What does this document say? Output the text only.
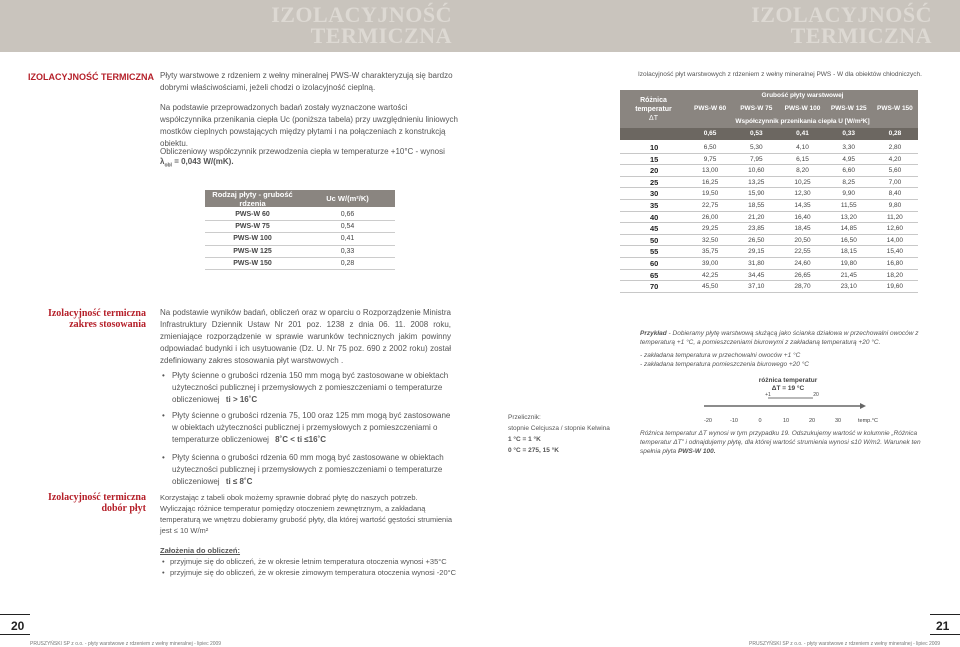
IZOLACYJNOŚĆ
TERMICZNA
IZOLACYJNOŚĆ
TERMICZNA
IZOLACYJNOŚĆ TERMICZNA Płyty warstwowe z rdzeniem z wełny mineralnej PWS-W charakteryzują się bardzo dobrymi właściwościami, jeżeli chodzi o izolacyjność cieplną.
Na podstawie przeprowadzonych badań zostały wyznaczone wartości współczynnika przenikania ciepła Uc (poniższa tabela) przy uwzględnieniu liniowych mostków cieplnych powstających między płytami i na połączeniach z konstrukcją obiektu.
Obliczeniowy współczynnik przewodzenia ciepła w temperaturze +10°C - wynosi
$\lambda_{obl} = 0,043$ W/(mK).
Rodzaj płyty - grubość rdzenia	Uc W/(m²/K)
PWS-W 60	0,66
PWS-W 75	0,54
PWS-W 100	0,41
PWS-W 125	0,33
PWS-W 150	0,28
Izolacyjność płyt warstwowych z rdzeniem z wełny mineralnej PWS - W dla obiektów chłodniczych.
Różnica
temperatur
ΔT
Grubość płyty warstwowej
PWS-W 60	PWS-W 75	PWS-W 100	PWS-W 125	PWS-W 150
Współczynnik przenikania ciepła U [W/m²K]
0,65	0,53	0,41	0,33	0,28
10	6,50	5,30	4,10	3,30	2,80
15	9,75	7,95	6,15	4,95	4,20
20	13,00	10,60	8,20	6,60	5,60
25	16,25	13,25	10,25	8,25	7,00
30	19,50	15,90	12,30	9,90	8,40
35	22,75	18,55	14,35	11,55	9,80
40	26,00	21,20	16,40	13,20	11,20
45	29,25	23,85	18,45	14,85	12,60
50	32,50	26,50	20,50	16,50	14,00
55	35,75	29,15	22,55	18,15	15,40
60	39,00	31,80	24,60	19,80	16,80
65	42,25	34,45	26,65	21,45	18,20
70	45,50	37,10	28,70	23,10	19,60
Izolacyjność termiczna
zakres stosowania
Na podstawie wyników badań, obliczeń oraz w oparciu o Rozporządzenie Ministra Infrastruktury Dziennik Ustaw Nr 201 poz. 1238 z dnia 06. 11. 2008 roku, zmieniające rozporządzenie w sprawie warunków technicznych jakim powinny odpowiadać budynki i ich usytuowanie (Dz. U. Nr 75 poz. 690 z 2002 roku) został zdefiniowany zakres stosowania płyt warstwowych .
Płyty ścienne o grubości rdzenia 150 mm mogą być zastosowane w obiektach użyteczności publicznej i przemysłowych z pomieszczeniami o temperaturze obliczeniowej ti > 16˚C
Płyty ścienne o grubości rdzenia 75, 100 oraz 125 mm mogą być zastosowane w obiektach użyteczności publicznej i przemysłowych z pomieszczeniami o temperaturze obliczeniowej 8˚C < ti ≤16˚C
Płyty ścienna o grubości rdzenia 60 mm mogą być zastosowane w obiektach użyteczności publicznej i przemysłowych z pomieszczeniami o temperaturze obliczeniowej ti ≤ 8˚C
Przelicznik:
stopnie Celcjusza / stopnie Kelwina
1 °C = 1 °K
0 °C = 275, 15 °K
Przykład - Dobieramy płytę warstwową służącą jako ścianka działowa w przechowalni owoców z temperaturą +1 °C, a pomieszczeniami biurowymi z zakładaną temperaturą +20 °C.
- zakładana temperatura w przechowalni owoców +1 °C
- zakładana temperatura pomieszczenia biurowego +20 °C
różnica temperatur
ΔT = 19 °C
+1	20
-20	-10	0	10	20	30	temp.°C
Różnica temperatur ΔT wynosi w tym przypadku 19. Odszukujemy wartość w kolumnie „Różnica temperatur ΔT” i odnajdujemy płytę, dla której wartość strumienia wynosi ≤10 W/m2. Warunek ten spełnia płyta PWS-W 100.
Izolacyjność termiczna
dobór płyt
Korzystając z tabeli obok możemy sprawnie dobrać płytę do naszych potrzeb.
Wyliczając różnice temperatur pomiędzy otoczeniem zewnętrznym, a zakładaną temperaturą we wnętrzu dobieramy grubość płyty, dla której wartość gęstości strumienia jest ≤ 10 W/m²
Założenia do obliczeń:
• przyjmuje się do obliczeń, że w okresie letnim temperatura otoczenia wynosi +35°C
• przyjmuje się do obliczeń, że w okresie zimowym temperatura otoczenia wynosi -20°C
20	21
PRUSZYŃSKI SP z o.o. - płyty warstwowe z rdzeniem z wełny mineralnej - lipiec 2009	PRUSZYŃSKI SP z o.o. - płyty warstwowe z rdzeniem z wełny mineralnej - lipiec 2009
